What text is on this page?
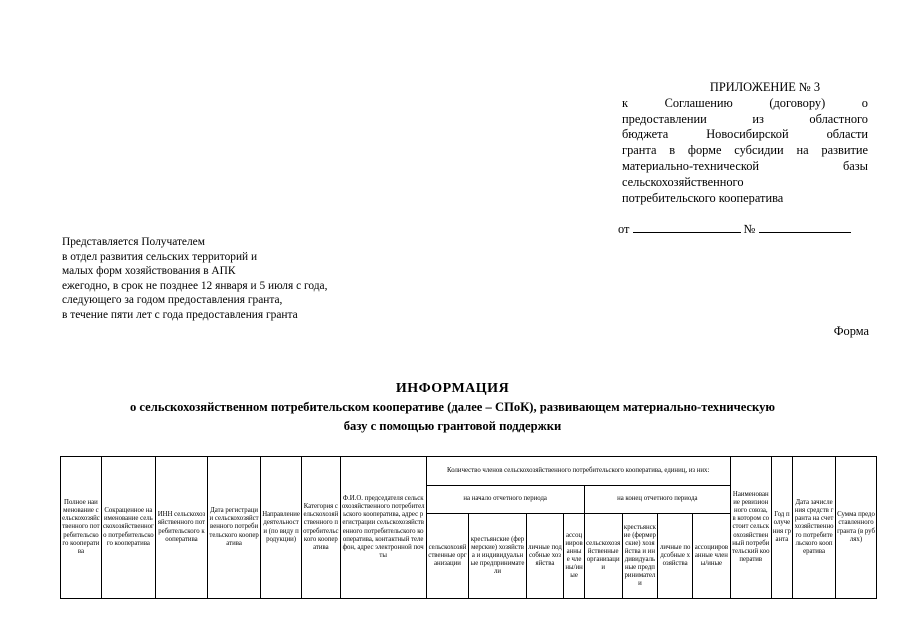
ПРИЛОЖЕНИЕ № 3
к Соглашению (договору) о
предоставлении из областного
бюджета Новосибирской области
гранта в форме субсидии на развитие
материально-технической базы
сельскохозяйственного
потребительского кооператива
от	№
Представляется Получателем
в отдел развития сельских территорий и
малых форм хозяйствования в АПК
ежегодно, в срок не позднее 12 января и 5 июля с года,
следующего за годом предоставления гранта,
в течение пяти лет с года предоставления гранта
Форма
ИНФОРМАЦИЯ
о сельскохозяйственном потребительском кооперативе (далее – СПоК), развивающем материально-техническую
базу с помощью грантовой поддержки
Полное наименование сельскохозяйственного потребительского кооператива	Сокращенное наименование сельскохозяйственного потребительского кооператива	ИНН сельскохозяйственного потребительского кооператива	Дата регистрации сельскохозяйственного потребительского кооператива	Направление деятельности (по виду продукции)	Категория сельскохозяйственного потребительского кооператива	Ф.И.О. председателя сельскохозяйственного потребительского кооператива, адрес регистрации сельскохозяйственного потребительского кооператива, контактный телефон, адрес электронной почты	Количество членов сельскохозяйственного потребительского кооператива, единиц, из них:								Наименование ревизионного союза, в котором состоит сельскохозяйственный потребительский кооператив	Год получения гранта	Дата зачисления средств гранта на счет хозяйственного потребительского кооператива	Сумма предоставленного гранта (в рублях)
							на начало отчетного периода				на конец отчетного периода							
							сельскохозяйственные организации	крестьянские (фермерские) хозяйства и индивидуальные предприниматели	личные подсобные хозяйства	ассоциированные члены/иные	сельскохозяйственные организации	крестьянские (фермерские) хозяйства и индивидуальные предприниматели	личные подсобные хозяйства	ассоциированные члены/иные				
